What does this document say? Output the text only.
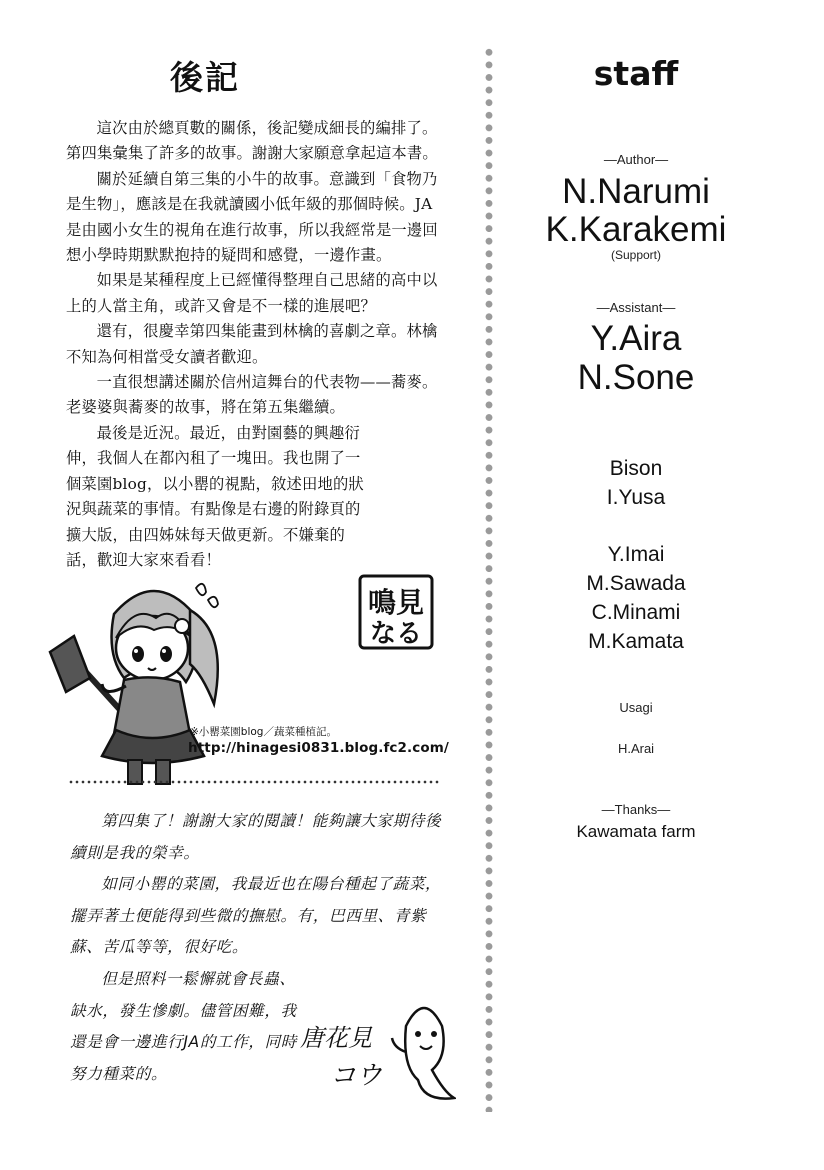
後記

這次由於總頁數的關係，後記變成細長的編排了。第四集彙集了許多的故事。謝謝大家願意拿起這本書。

關於延續自第三集的小牛的故事。意識到「食物乃是生物」，應該是在我就讀國小低年級的那個時候。JA是由國小女生的視角在進行故事，所以我經常是一邊回想小學時期默默抱持的疑問和感覺，一邊作畫。

如果是某種程度上已經懂得整理自己思緒的高中以上的人當主角，或許又會是不一樣的進展吧？

還有，很慶幸第四集能畫到林檎的喜劇之章。林檎不知為何相當受女讀者歡迎。

一直很想講述關於信州這舞台的代表物——蕎麥。老婆婆與蕎麥的故事，將在第五集繼續。

最後是近況。最近，由對園藝的興趣衍伸，我個人在都內租了一塊田。我也開了一個菜園blog，以小罌的視點，敘述田地的狀況與蔬菜的事情。有點像是右邊的附錄頁的擴大版，由四姊妹每天做更新。不嫌棄的話，歡迎大家來看看！

鳴見
なる
※小罌菜園blog／蔬菜種植記。
http://hinagesi0831.blog.fc2.com/

第四集了！謝謝大家的閱讀！能夠讓大家期待後續則是我的榮幸。

如同小罌的菜園，我最近也在陽台種起了蔬菜，擺弄著土便能得到些微的撫慰。有，巴西里、青紫蘇、苦瓜等等，很好吃。

但是照料一鬆懈就會長蟲、缺水，發生慘劇。儘管困難，我還是會一邊進行JA的工作，同時努力種菜的。

唐花見
コウ
staff
—Author—
N.Narumi
K.Karakemi
(Support)
—Assistant—
Y.Aira
N.Sone
Bison
I.Yusa
Y.Imai
M.Sawada
C.Minami
M.Kamata
Usagi
H.Arai
—Thanks—
Kawamata farm
